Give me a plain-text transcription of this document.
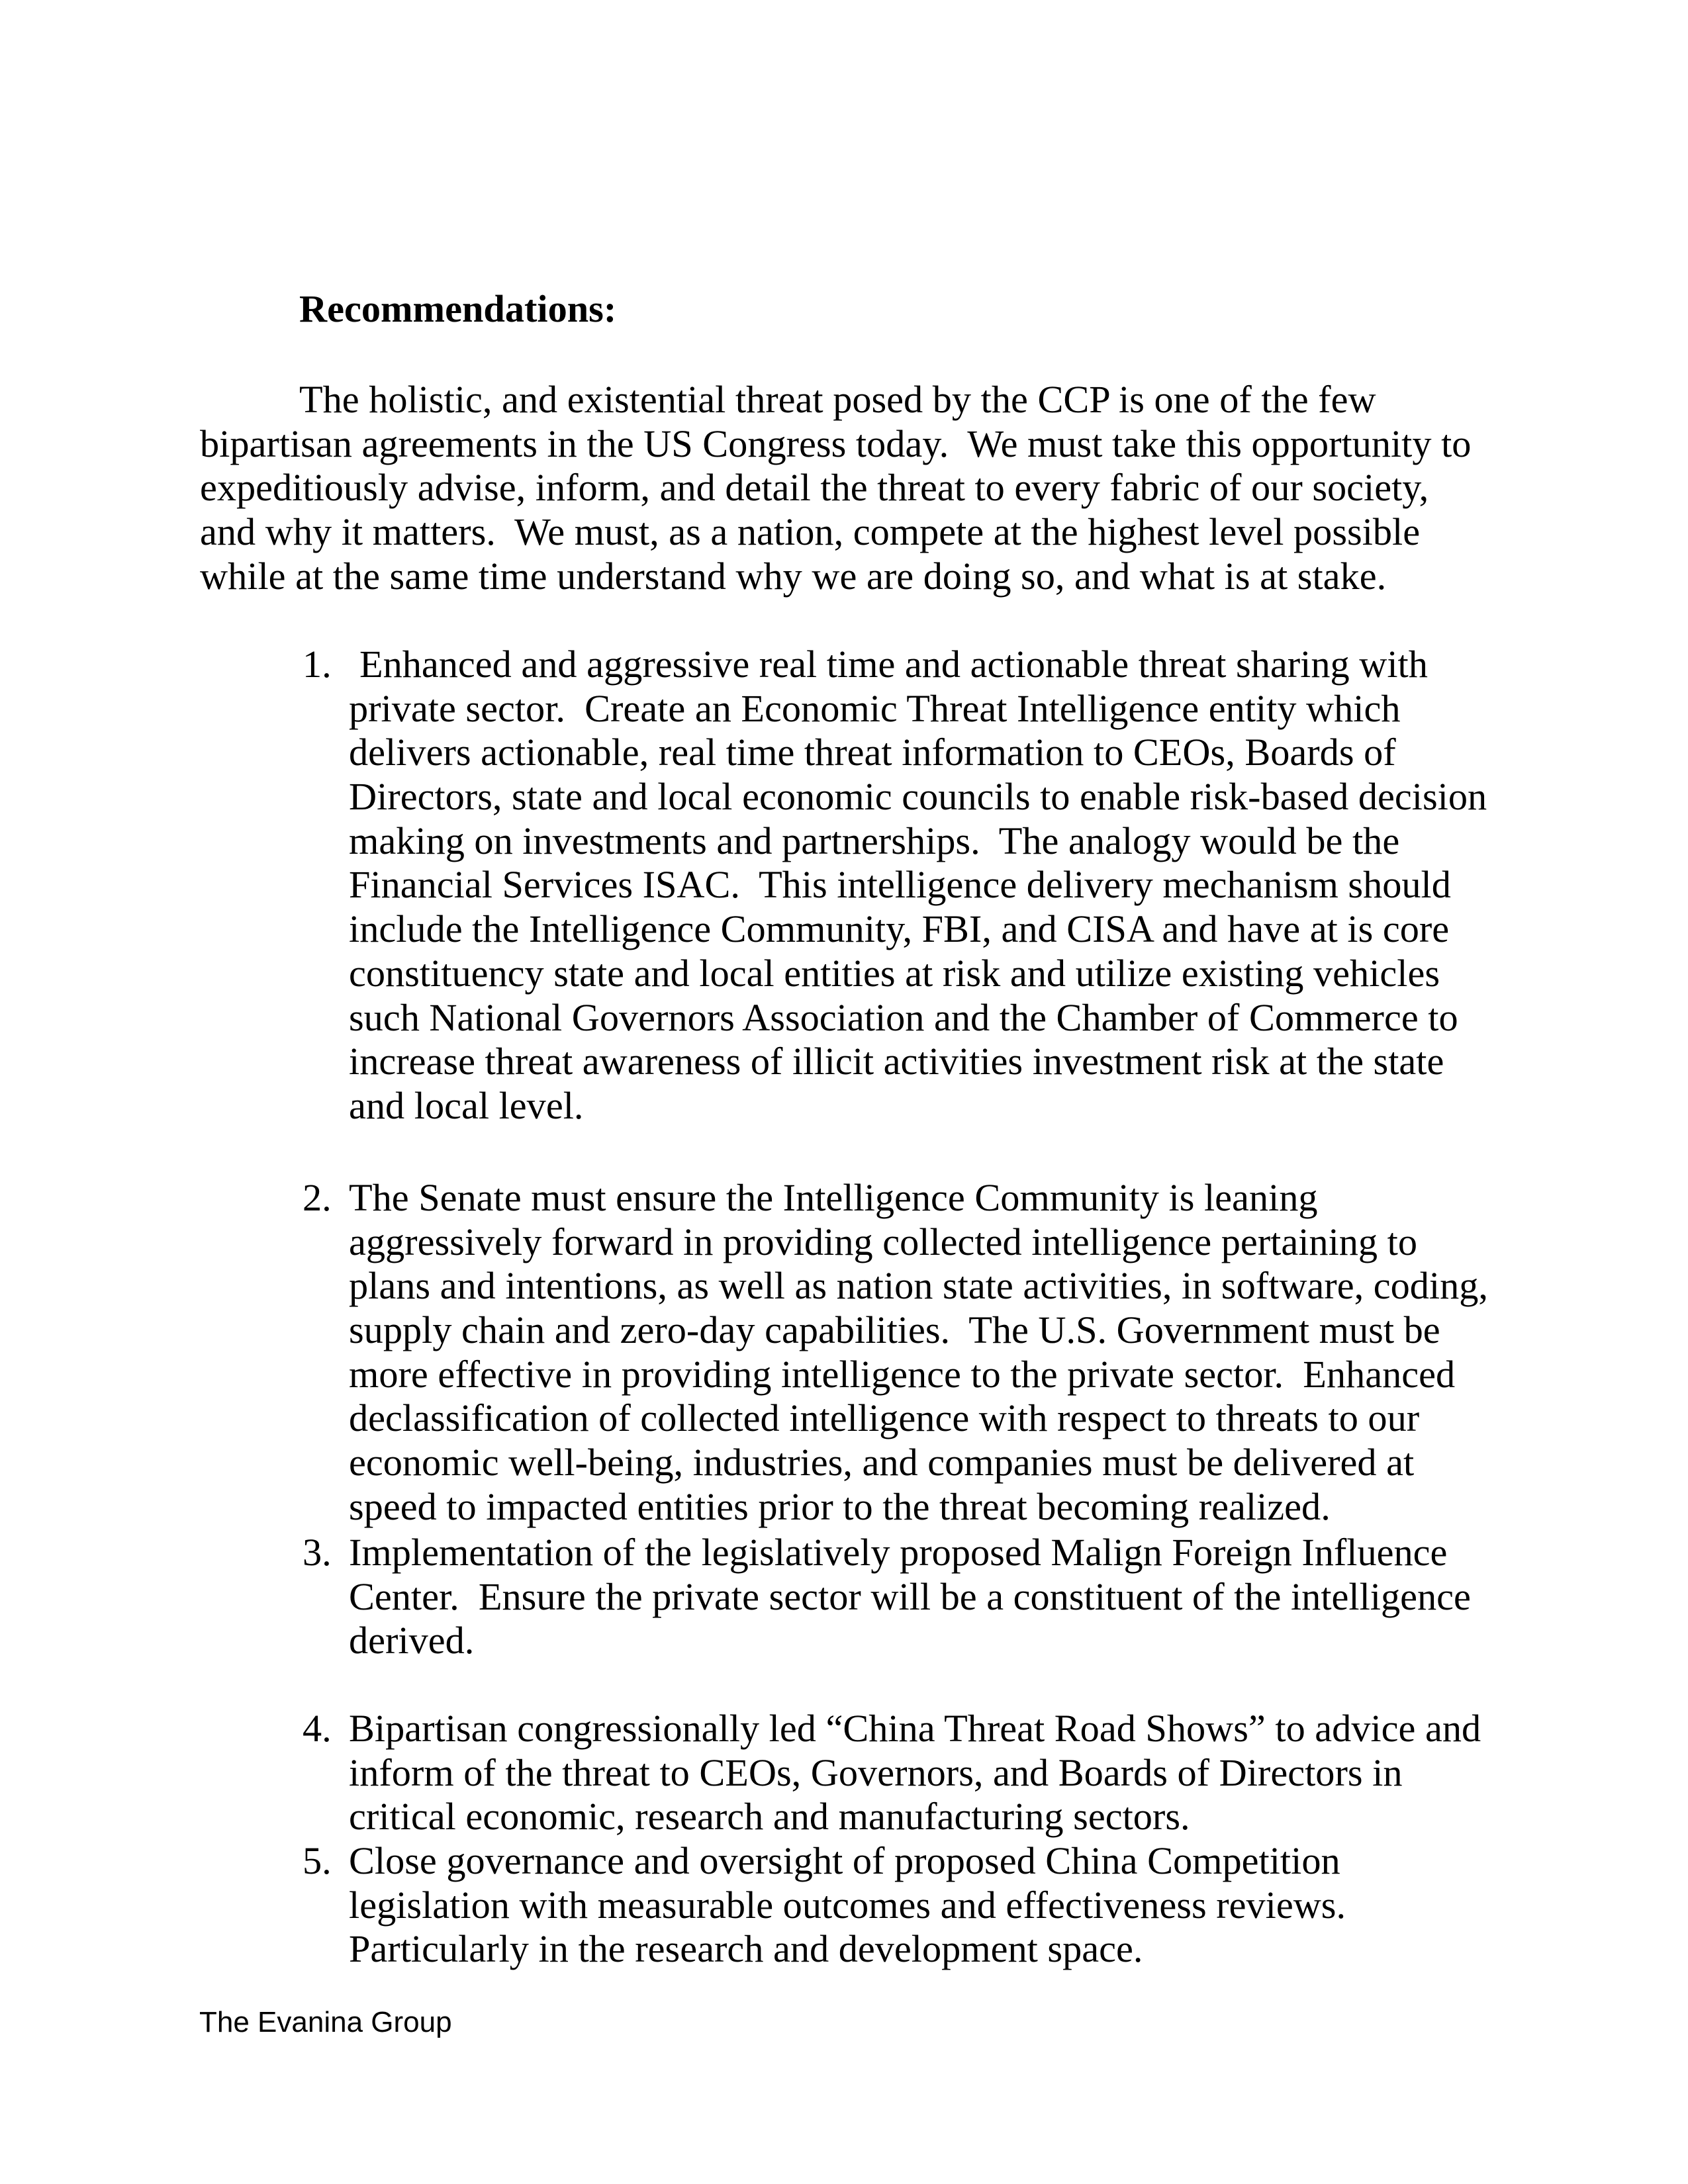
Recommendations:
The holistic, and existential threat posed by the CCP is one of the few
bipartisan agreements in the US Congress today.  We must take this opportunity to
expeditiously advise, inform, and detail the threat to every fabric of our society,
and why it matters.  We must, as a nation, compete at the highest level possible
while at the same time understand why we are doing so, and what is at stake.
1. Enhanced and aggressive real time and actionable threat sharing with
private sector.  Create an Economic Threat Intelligence entity which
delivers actionable, real time threat information to CEOs, Boards of
Directors, state and local economic councils to enable risk-based decision
making on investments and partnerships.  The analogy would be the
Financial Services ISAC.  This intelligence delivery mechanism should
include the Intelligence Community, FBI, and CISA and have at is core
constituency state and local entities at risk and utilize existing vehicles
such National Governors Association and the Chamber of Commerce to
increase threat awareness of illicit activities investment risk at the state
and local level.
2. The Senate must ensure the Intelligence Community is leaning
aggressively forward in providing collected intelligence pertaining to
plans and intentions, as well as nation state activities, in software, coding,
supply chain and zero-day capabilities.  The U.S. Government must be
more effective in providing intelligence to the private sector.  Enhanced
declassification of collected intelligence with respect to threats to our
economic well-being, industries, and companies must be delivered at
speed to impacted entities prior to the threat becoming realized.
3. Implementation of the legislatively proposed Malign Foreign Influence
Center.  Ensure the private sector will be a constituent of the intelligence
derived.
4. Bipartisan congressionally led “China Threat Road Shows” to advice and
inform of the threat to CEOs, Governors, and Boards of Directors in
critical economic, research and manufacturing sectors.
5. Close governance and oversight of proposed China Competition
legislation with measurable outcomes and effectiveness reviews.
Particularly in the research and development space.
The Evanina Group
